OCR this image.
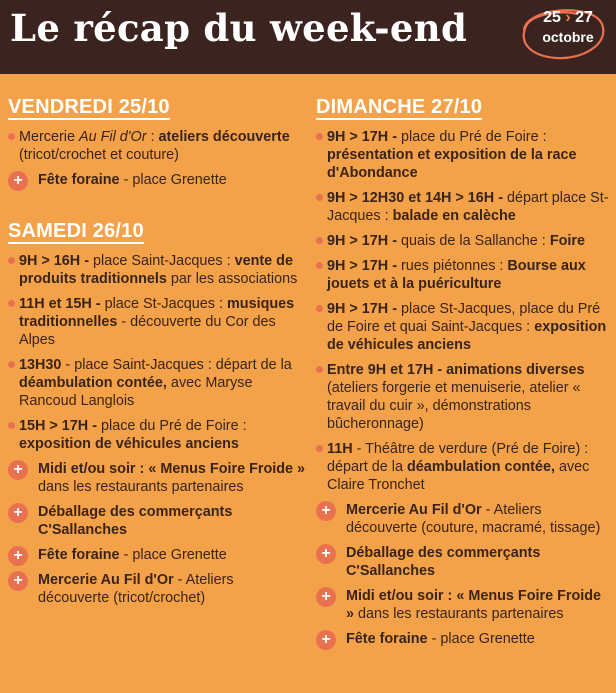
Le récap du week-end	25 › 27
octobre
VENDREDI 25/10
Mercerie Au Fil d'Or : ateliers découverte (tricot/crochet et couture)
+	Fête foraine - place Grenette
SAMEDI 26/10
9H > 16H - place Saint-Jacques : vente de produits traditionnels par les associations
11H et 15H - place St-Jacques : musiques traditionnelles - découverte du Cor des Alpes
13H30 - place Saint-Jacques : départ de la déambulation contée, avec Maryse Rancoud Langlois
15H > 17H - place du Pré de Foire : exposition de véhicules anciens
+	Midi et/ou soir : « Menus Foire Froide » dans les restaurants partenaires
+	Déballage des commerçants C'Sallanches
+	Fête foraine - place Grenette
+	Mercerie Au Fil d'Or - Ateliers découverte (tricot/crochet)
DIMANCHE 27/10
9H > 17H - place du Pré de Foire : présentation et exposition de la race d'Abondance
9H > 12H30 et 14H > 16H - départ place St-Jacques : balade en calèche
9H > 17H - quais de la Sallanche : Foire
9H > 17H - rues piétonnes : Bourse aux jouets et à la puériculture
9H > 17H - place St-Jacques, place du Pré de Foire et quai Saint-Jacques : exposition de véhicules anciens
Entre 9H et 17H - animations diverses (ateliers forgerie et menuiserie, atelier « travail du cuir », démonstrations bûcheronnage)
11H - Théâtre de verdure (Pré de Foire) : départ de la déambulation contée, avec Claire Tronchet
+	Mercerie Au Fil d'Or - Ateliers découverte (couture, macramé, tissage)
+	Déballage des commerçants C'Sallanches
+	Midi et/ou soir : « Menus Foire Froide » dans les restaurants partenaires
+	Fête foraine - place Grenette
